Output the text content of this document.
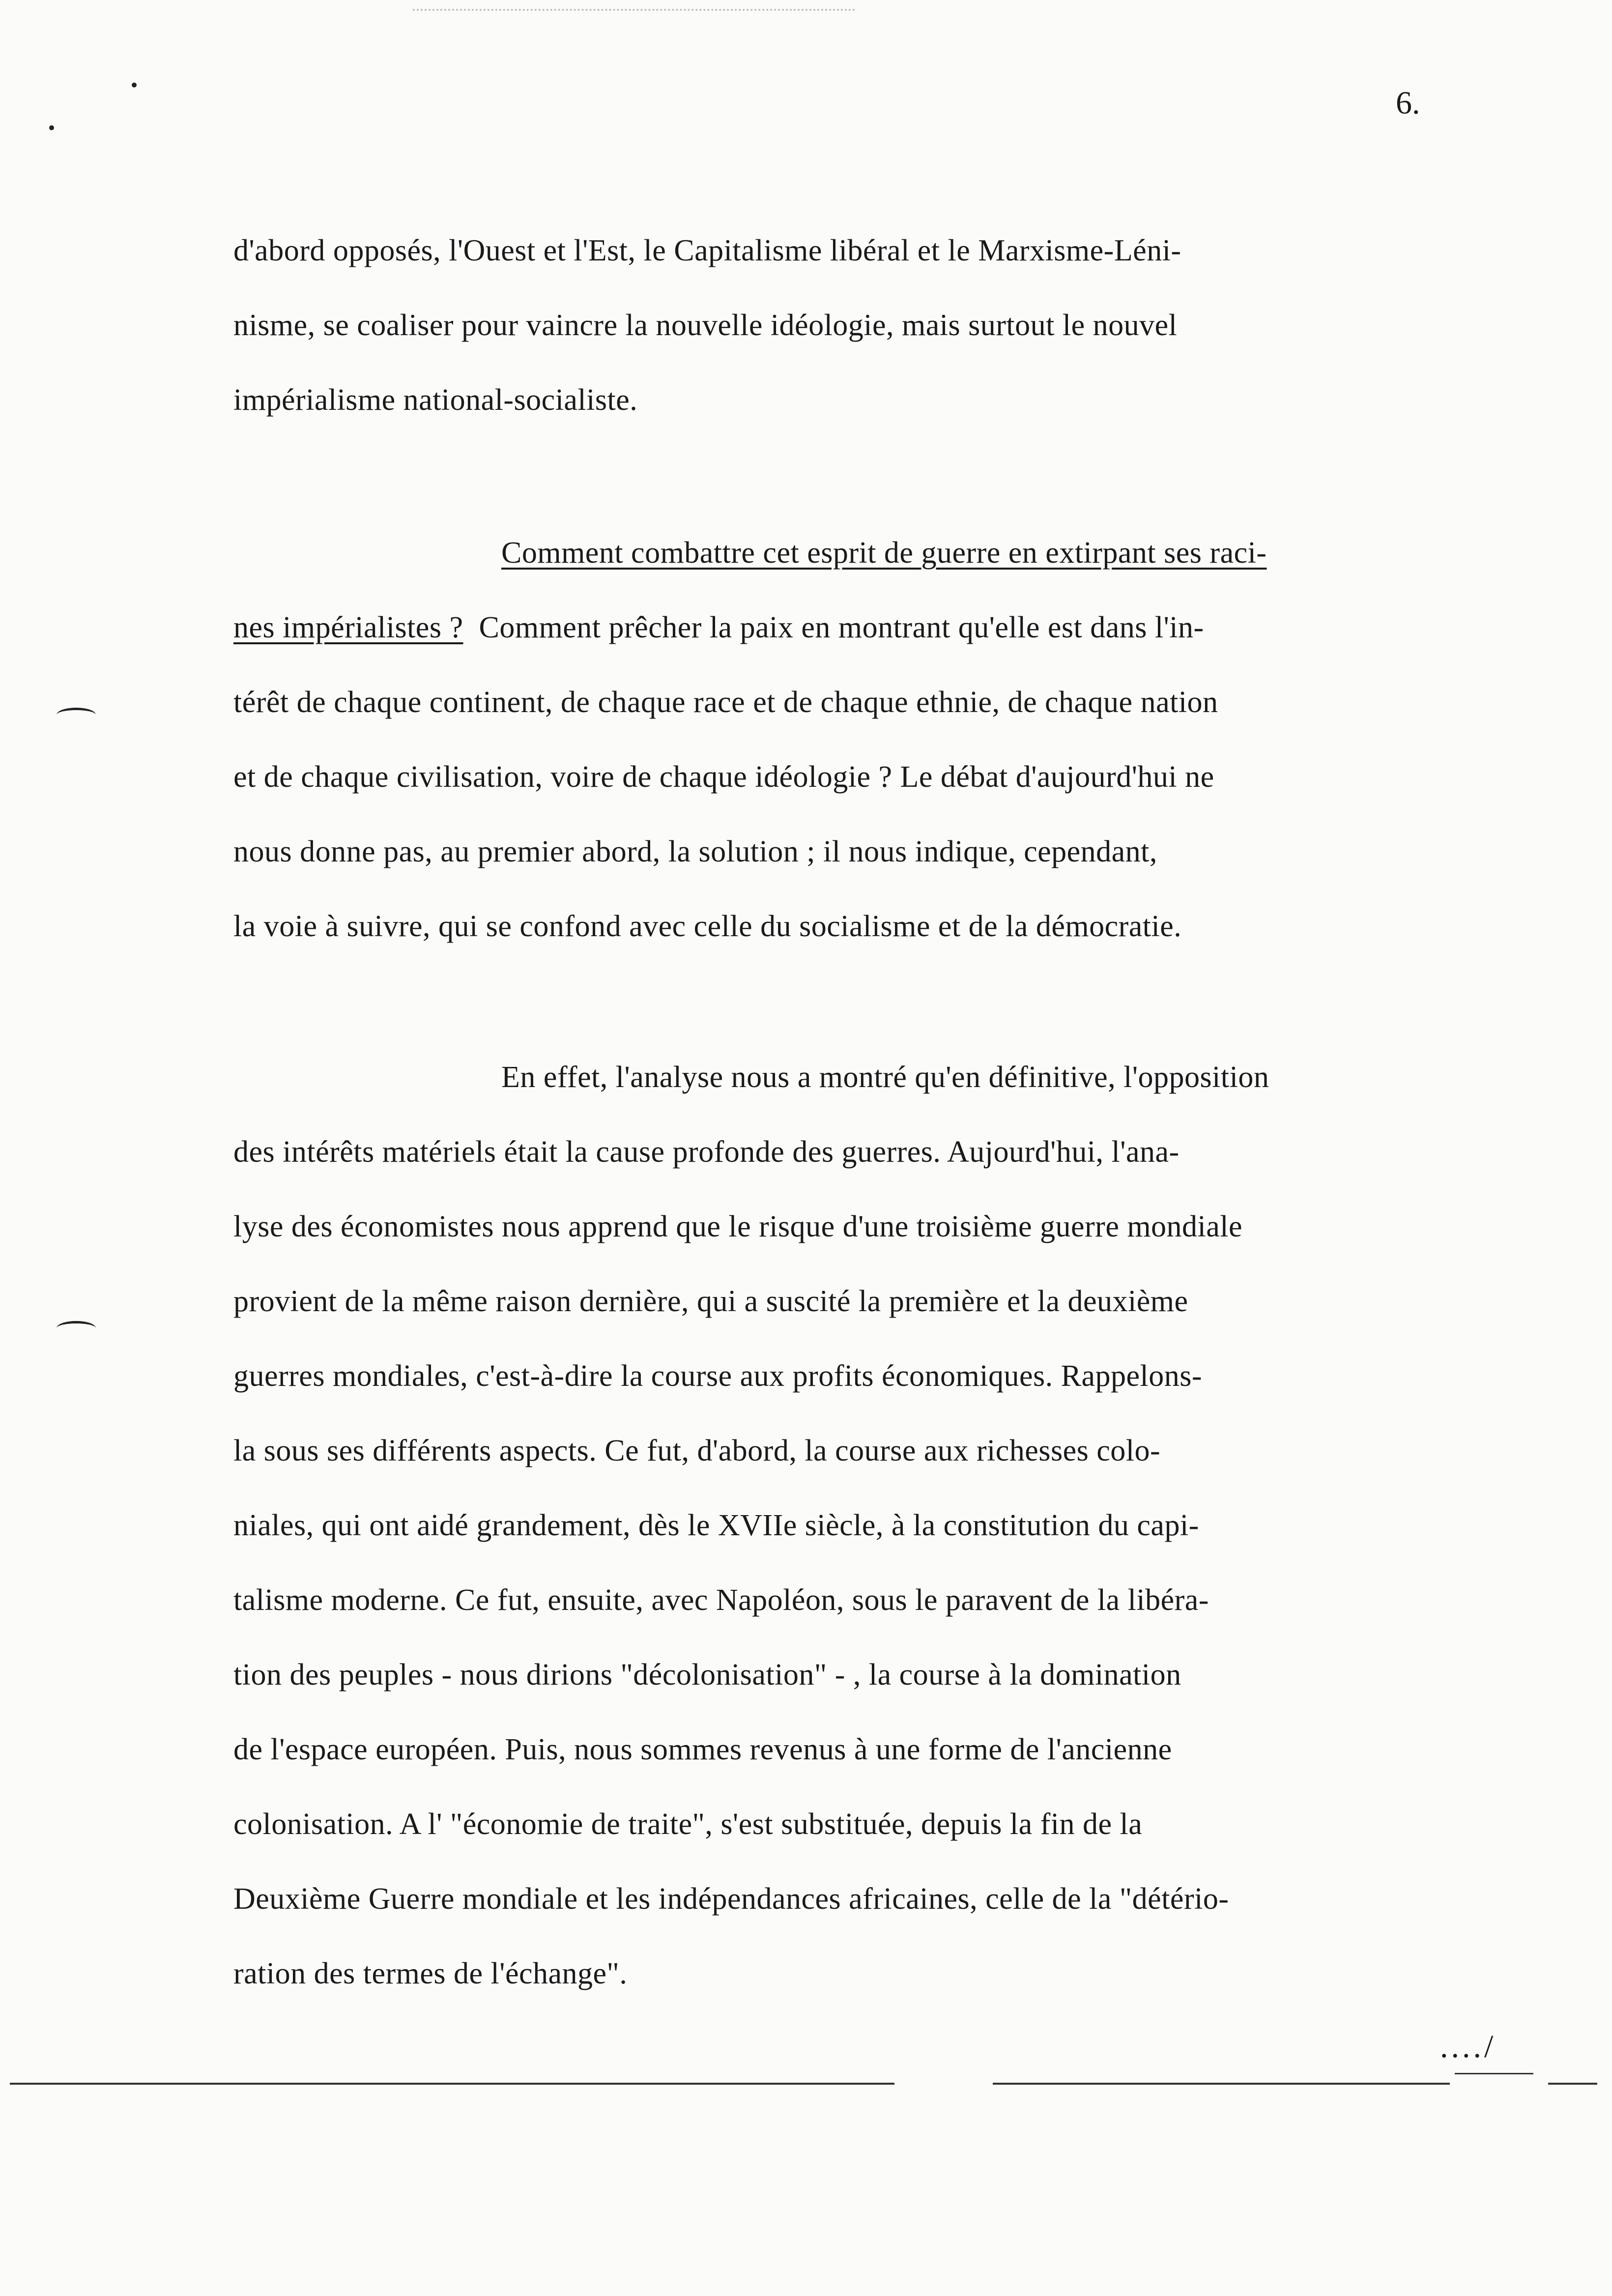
6.
d'abord opposés, l'Ouest et l'Est, le Capitalisme libéral et le Marxisme-Léni-
nisme, se coaliser pour vaincre la nouvelle idéologie, mais surtout le nouvel
impérialisme national-socialiste.
Comment combattre cet esprit de guerre en extirpant ses raci-
nes impérialistes ? Comment prêcher la paix en montrant qu'elle est dans l'in-
térêt de chaque continent, de chaque race et de chaque ethnie, de chaque nation
et de chaque civilisation, voire de chaque idéologie ? Le débat d'aujourd'hui ne
nous donne pas, au premier abord, la solution ; il nous indique, cependant,
la voie à suivre, qui se confond avec celle du socialisme et de la démocratie.
En effet, l'analyse nous a montré qu'en définitive, l'opposition
des intérêts matériels était la cause profonde des guerres. Aujourd'hui, l'ana-
lyse des économistes nous apprend que le risque d'une troisième guerre mondiale
provient de la même raison dernière, qui a suscité la première et la deuxième
guerres mondiales, c'est-à-dire la course aux profits économiques. Rappelons-
la sous ses différents aspects. Ce fut, d'abord, la course aux richesses colo-
niales, qui ont aidé grandement, dès le XVIIe siècle, à la constitution du capi-
talisme moderne. Ce fut, ensuite, avec Napoléon, sous le paravent de la libéra-
tion des peuples - nous dirions "décolonisation" - , la course à la domination
de l'espace européen. Puis, nous sommes revenus à une forme de l'ancienne
colonisation. A l' "économie de traite", s'est substituée, depuis la fin de la
Deuxième Guerre mondiale et les indépendances africaines, celle de la "détério-
ration des termes de l'échange".
..../
